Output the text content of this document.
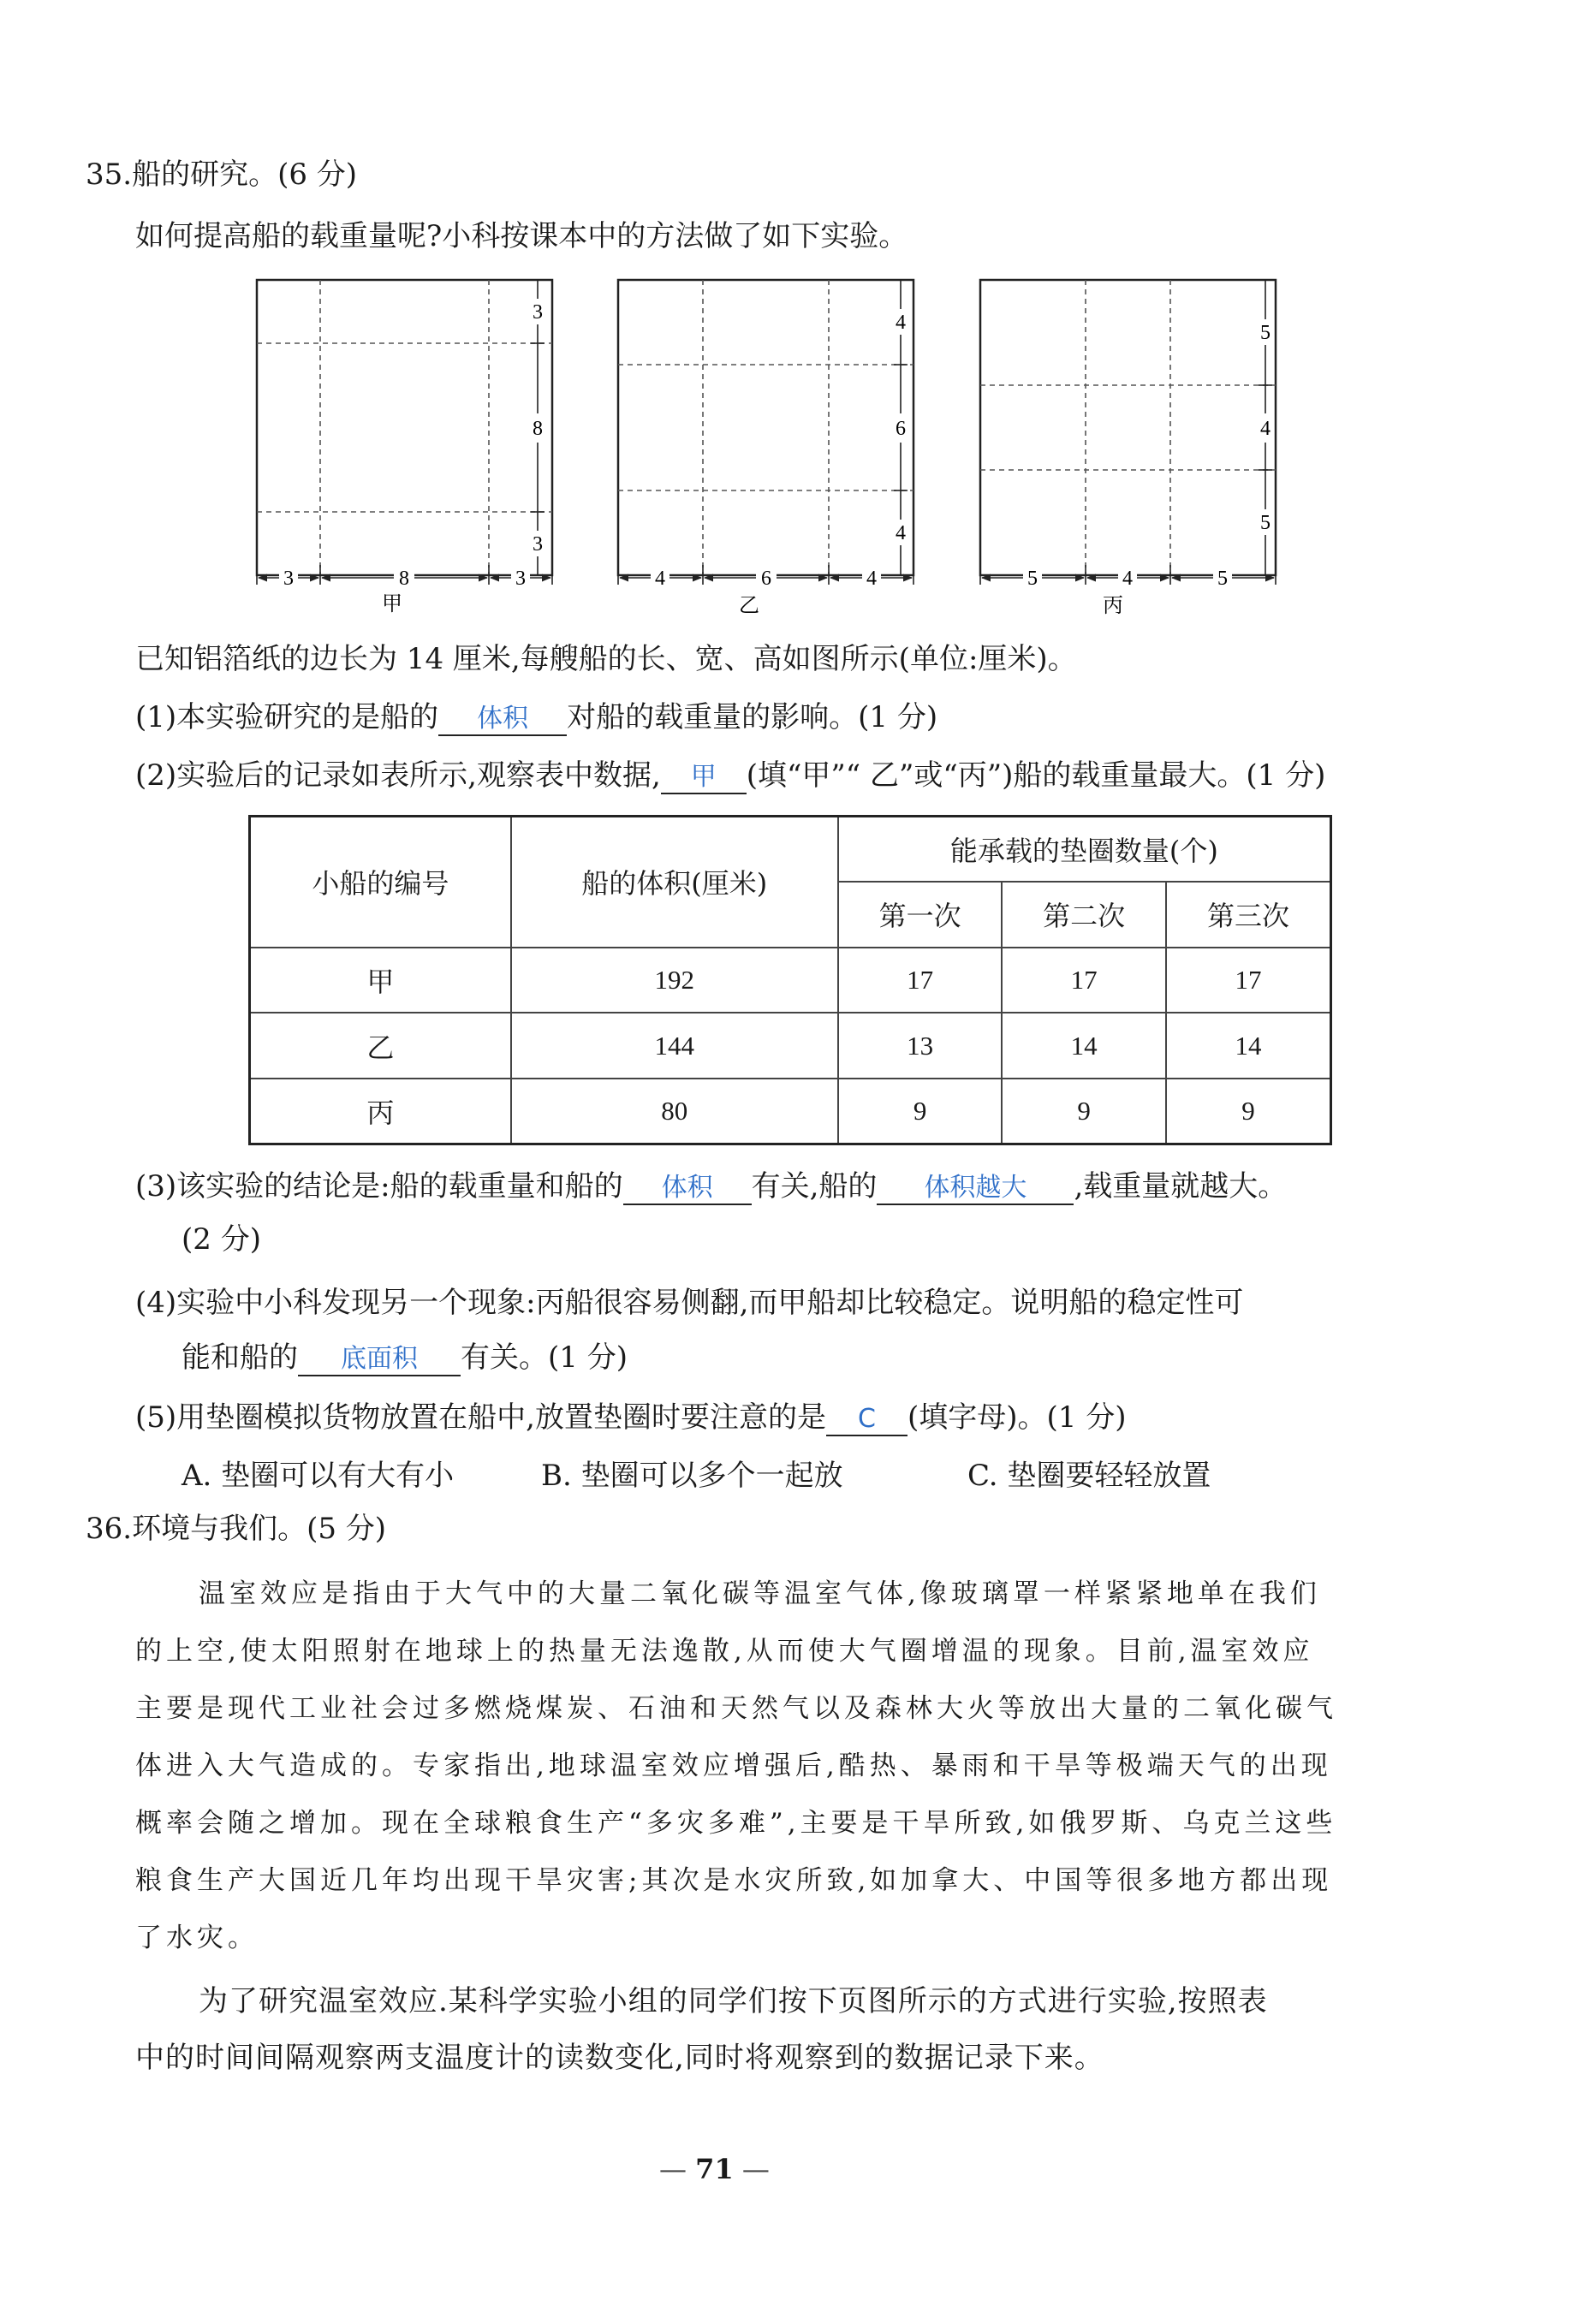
35.船的研究。(6 分)
如何提高船的载重量呢?小科按课本中的方法做了如下实验。
3
8
3
3	8	3
甲
4
6
4
4	6	4
乙
5
4
5
5	4	5
丙
已知铝箔纸的边长为 14 厘米,每艘船的长、宽、高如图所示(单位:厘米)。
(1)本实验研究的是船的 体积 对船的载重量的影响。(1 分)
(2)实验后的记录如表所示,观察表中数据, 甲 (填“甲”“ 乙”或“丙”)船的载重量最大。(1 分)
小船的编号	船的体积(厘米)	能承载的垫圈数量(个)		
		第一次	第二次	第三次
甲	192	17	17	17
乙	144	13	14	14
丙	80	9	9	9
(3)该实验的结论是:船的载重量和船的 体积 有关,船的 体积越大 ,载重量就越大。
(2 分)
(4)实验中小科发现另一个现象:丙船很容易侧翻,而甲船却比较稳定。说明船的稳定性可
能和船的 底面积 有关。(1 分)
(5)用垫圈模拟货物放置在船中,放置垫圈时要注意的是 C (填字母)。(1 分)
A. 垫圈可以有大有小	B. 垫圈可以多个一起放	C. 垫圈要轻轻放置
36.环境与我们。(5 分)
温室效应是指由于大气中的大量二氧化碳等温室气体,像玻璃罩一样紧紧地单在我们
的上空,使太阳照射在地球上的热量无法逸散,从而使大气圈增温的现象。目前,温室效应
主要是现代工业社会过多燃烧煤炭、石油和天然气以及森林大火等放出大量的二氧化碳气
体进入大气造成的。专家指出,地球温室效应增强后,酷热、暴雨和干旱等极端天气的出现
概率会随之增加。现在全球粮食生产“多灾多难”,主要是干旱所致,如俄罗斯、乌克兰这些
粮食生产大国近几年均出现干旱灾害;其次是水灾所致,如加拿大、中国等很多地方都出现
了水灾。
为了研究温室效应.某科学实验小组的同学们按下页图所示的方式进行实验,按照表
中的时间间隔观察两支温度计的读数变化,同时将观察到的数据记录下来。
— 71 —
